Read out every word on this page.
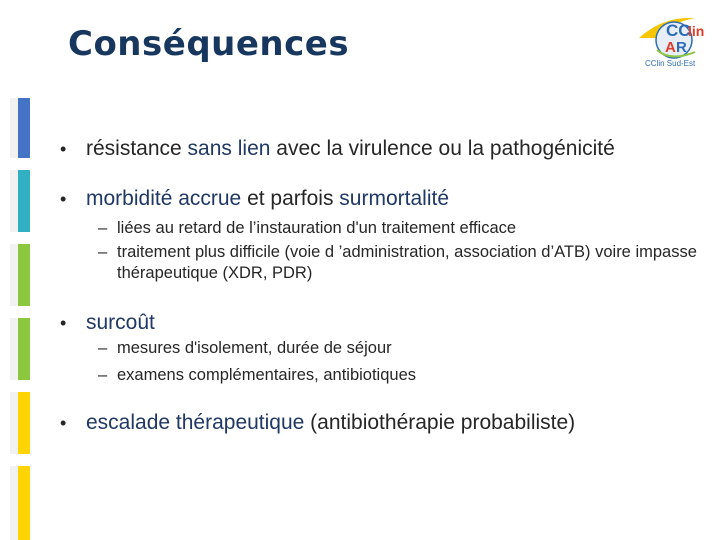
Conséquences	CC
lin
A R
CClin Sud-Est
• résistance sans lien avec la virulence ou la pathogénicité
• morbidité accrue et parfois surmortalité
– liées au retard de l’instauration d'un traitement efficace
– traitement plus difficile (voie d ’administration, association d’ATB) voire impasse thérapeutique (XDR, PDR)
• surcoût
– mesures d'isolement, durée de séjour
– examens complémentaires, antibiotiques
• escalade thérapeutique (antibiothérapie probabiliste)
